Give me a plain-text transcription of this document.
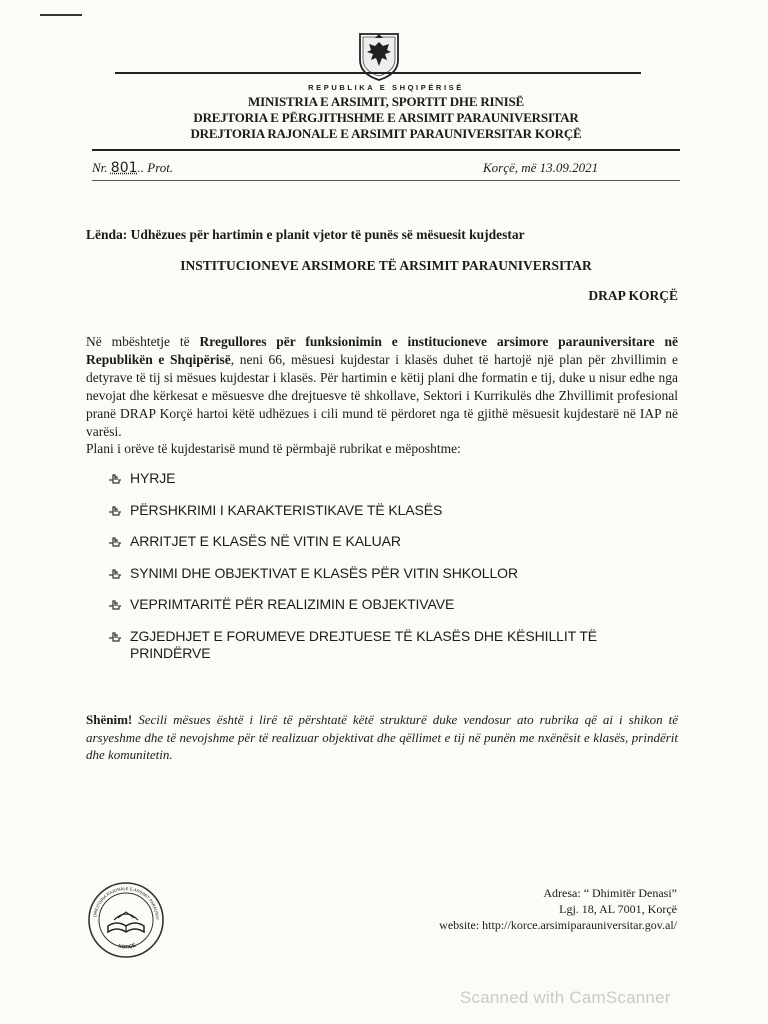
REPUBLIKA E SHQIPËRISË
MINISTRIA E ARSIMIT, SPORTIT DHE RINISË
DREJTORIA E PËRGJITHSHME E ARSIMIT PARAUNIVERSITAR
DREJTORIA RAJONALE E ARSIMIT PARAUNIVERSITAR KORÇË
Nr. 801.. Prot.	Korçë, më 13.09.2021
Lënda: Udhëzues për hartimin e planit vjetor të punës së mësuesit kujdestar
INSTITUCIONEVE ARSIMORE TË ARSIMIT PARAUNIVERSITAR
DRAP KORÇË
Në mbështetje të Rregullores për funksionimin e institucioneve arsimore parauniversitare në Republikën e Shqipërisë, neni 66, mësuesi kujdestar i klasës duhet të hartojë një plan për zhvillimin e detyrave të tij si mësues kujdestar i klasës. Për hartimin e këtij plani dhe formatin e tij, duke u nisur edhe nga nevojat dhe kërkesat e mësuesve dhe drejtuesve të shkollave, Sektori i Kurrikulës dhe Zhvillimit profesional pranë DRAP Korçë hartoi këtë udhëzues i cili mund të përdoret nga të gjithë mësuesit kujdestarë në IAP në varësi.
Plani i orëve të kujdestarisë mund të përmbajë rubrikat e mëposhtme:
HYRJE
PËRSHKRIMI I KARAKTERISTIKAVE TË KLASËS
ARRITJET E KLASËS NË VITIN E KALUAR
SYNIMI DHE OBJEKTIVAT E KLASËS PËR VITIN SHKOLLOR
VEPRIMTARITË PËR REALIZIMIN E OBJEKTIVAVE
ZGJEDHJET E FORUMEVE DREJTUESE TË KLASËS DHE KËSHILLIT TË PRINDËRVE
Shënim! Secili mësues është i lirë të përshtatë këtë strukturë duke vendosur ato rubrika që ai i shikon të arsyeshme dhe të nevojshme për të realizuar objektivat dhe qëllimet e tij në punën me nxënësit e klasës, prindërit dhe komunitetin.
DREJTORIA RAJONALE E ARSIMIT PARAUNIV
KORÇË
Adresa: “ Dhimitër Denasi”
Lgj. 18, AL 7001, Korçë
website: http://korce.arsimiparauniversitar.gov.al/
Scanned with CamScanner
